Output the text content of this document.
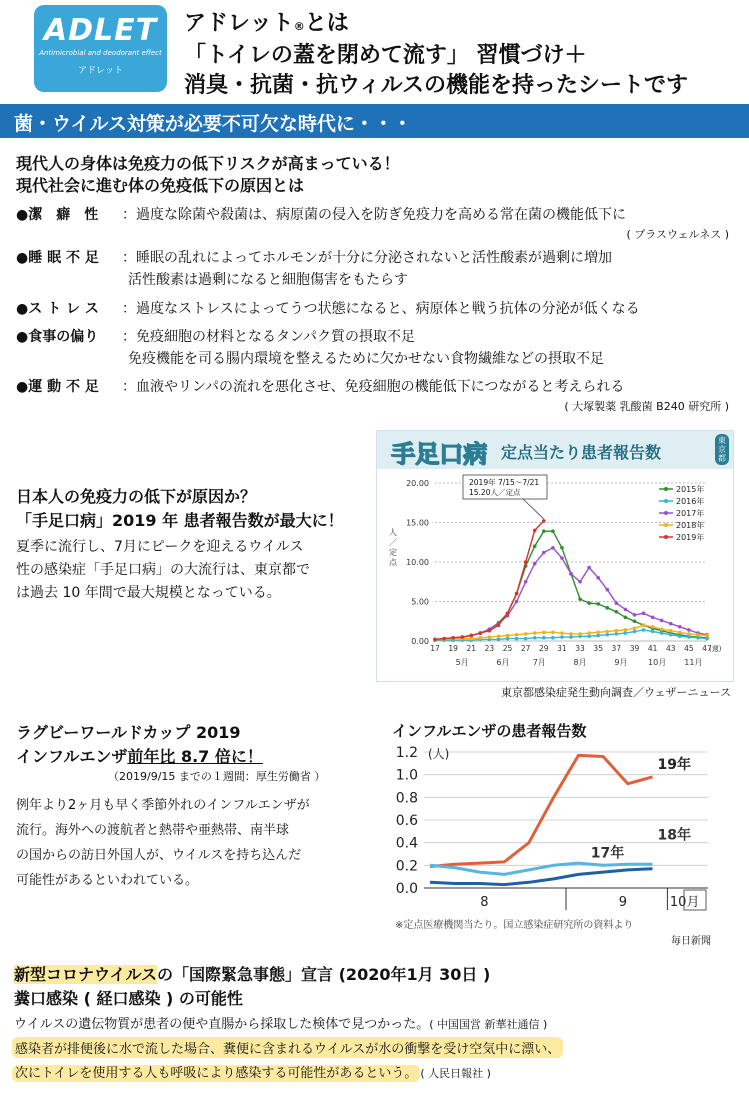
ADLET
Antimicrobial and deodorant effect
アドレット
アドレット®とは
「トイレの蓋を閉めて流す」 習慣づけ＋
消臭・抗菌・抗ウィルスの機能を持ったシートです
菌・ウイルス対策が必要不可欠な時代に・・・
現代人の身体は免疫力の低下リスクが高まっている！
現代社会に進む体の免疫低下の原因とは
●潔　癖　性 ：過度な除菌や殺菌は、病原菌の侵入を防ぎ免疫力を高める常在菌の機能低下に
( プラスウェルネス )
●睡 眠 不 足 ：睡眠の乱れによってホルモンが十分に分泌されないと活性酸素が過剰に増加
活性酸素は過剰になると細胞傷害をもたらす
●ス ト レ ス ：過度なストレスによってうつ状態になると、病原体と戦う抗体の分泌が低くなる
●食事の偏り ：免疫細胞の材料となるタンパク質の摂取不足
免疫機能を司る腸内環境を整えるために欠かせない食物繊維などの摂取不足
●運 動 不 足 ：血液やリンパの流れを悪化させ、免疫細胞の機能低下につながると考えられる
( 大塚製薬 乳酸菌 B240 研究所 )
日本人の免疫力の低下が原因か？
「手足口病」2019 年 患者報告数が最大に！
夏季に流行し、7月にピークを迎えるウイルス
性の感染症「手足口病」の大流行は、東京都で
は過去 10 年間で最大規模となっている。
手足口病 定点当たり患者報告数
東京都
20.00
15.00
10.00
5.00
0.00
人
／
定
点
17 19 21 23 25 27 29 31 33 35 37 39 41 43 45 47
(週)
5月	6月	7月	8月	9月	10月 11月
2015年
2016年
2017年
2018年
2019年
2019年 7/15～7/21
15.20人／定点
東京都感染症発生動向調査／ウェザーニュース
ラグビーワールドカップ 2019
インフルエンザ前年比 8.7 倍に！
（2019/9/15 までの１週間：厚生労働省 ）
例年より2ヶ月も早く季節外れのインフルエンザが
流行。海外への渡航者と熱帯や亜熱帯、南半球
の国からの訪日外国人が、ウイルスを持ち込んだ
可能性があるといわれている。
インフルエンザの患者報告数
1.2
1.0
0.8
0.6
0.4
0.2
0.0
(人)
8	9	10月
19年
18年
17年
※定点医療機関当たり。国立感染症研究所の資料より
毎日新聞
新型コロナウイルスの「国際緊急事態」宣言 (2020年1月 30日 )
糞口感染 ( 経口感染 ) の可能性
ウイルスの遺伝物質が患者の便や直腸から採取した検体で見つかった。( 中国国営 新華社通信 )
感染者が排便後に水で流した場合、糞便に含まれるウイルスが水の衝撃を受け空気中に漂い、
次にトイレを使用する人も呼吸により感染する可能性があるという。 ( 人民日報社 )
